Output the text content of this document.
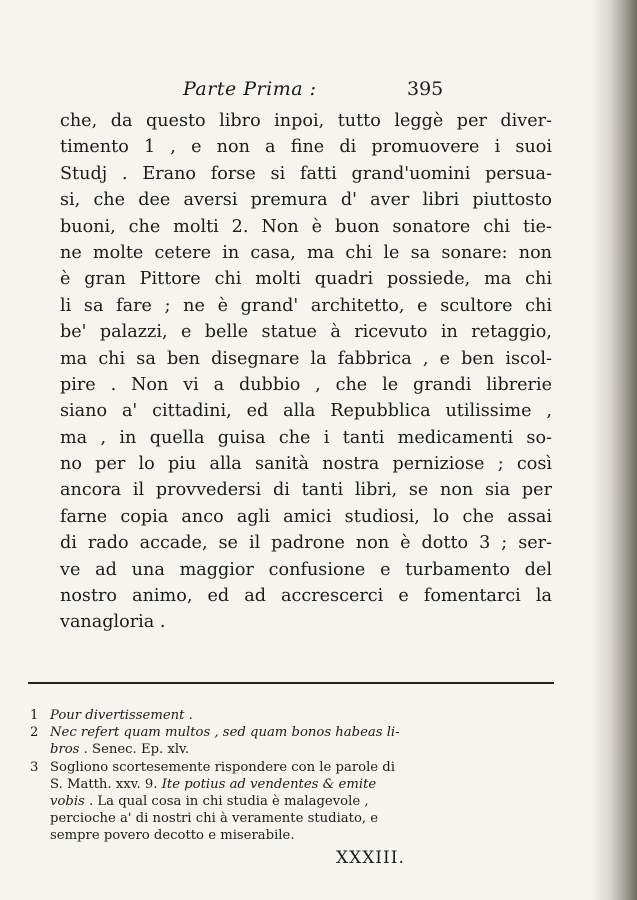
Parte Prima :	395
che, da questo libro inpoi, tutto leggè per diver-
timento 1 , e non a fine di promuovere i suoi
Studj . Erano forse si fatti grand'uomini persua-
si, che dee aversi premura d' aver libri piuttosto
buoni, che molti 2. Non è buon sonatore chi tie-
ne molte cetere in casa, ma chi le sa sonare: non
è gran Pittore chi molti quadri possiede, ma chi
li sa fare ; ne è grand' architetto, e scultore chi
be' palazzi, e belle statue à ricevuto in retaggio,
ma chi sa ben disegnare la fabbrica , e ben iscol-
pire . Non vi a dubbio , che le grandi librerie
siano a' cittadini, ed alla Repubblica utilissime ,
ma , in quella guisa che i tanti medicamenti so-
no per lo piu alla sanità nostra perniziose ; così
ancora il provvedersi di tanti libri, se non sia per
farne copia anco agli amici studiosi, lo che assai
di rado accade, se il padrone non è dotto 3 ; ser-
ve ad una maggior confusione e turbamento del
nostro animo, ed ad accrescerci e fomentarci la
vanagloria .
1 Pour divertissement .
2 Nec refert quam multos , sed quam bonos habeas li-
bros . Senec. Ep. xlv.
3 Sogliono scortesemente rispondere con le parole di
S. Matth. xxv. 9. Ite potius ad vendentes & emite
vobis . La qual cosa in chi studia è malagevole ,
percioche a' di nostri chi à veramente studiato, e
sempre povero decotto e miserabile.
XXXIII.
